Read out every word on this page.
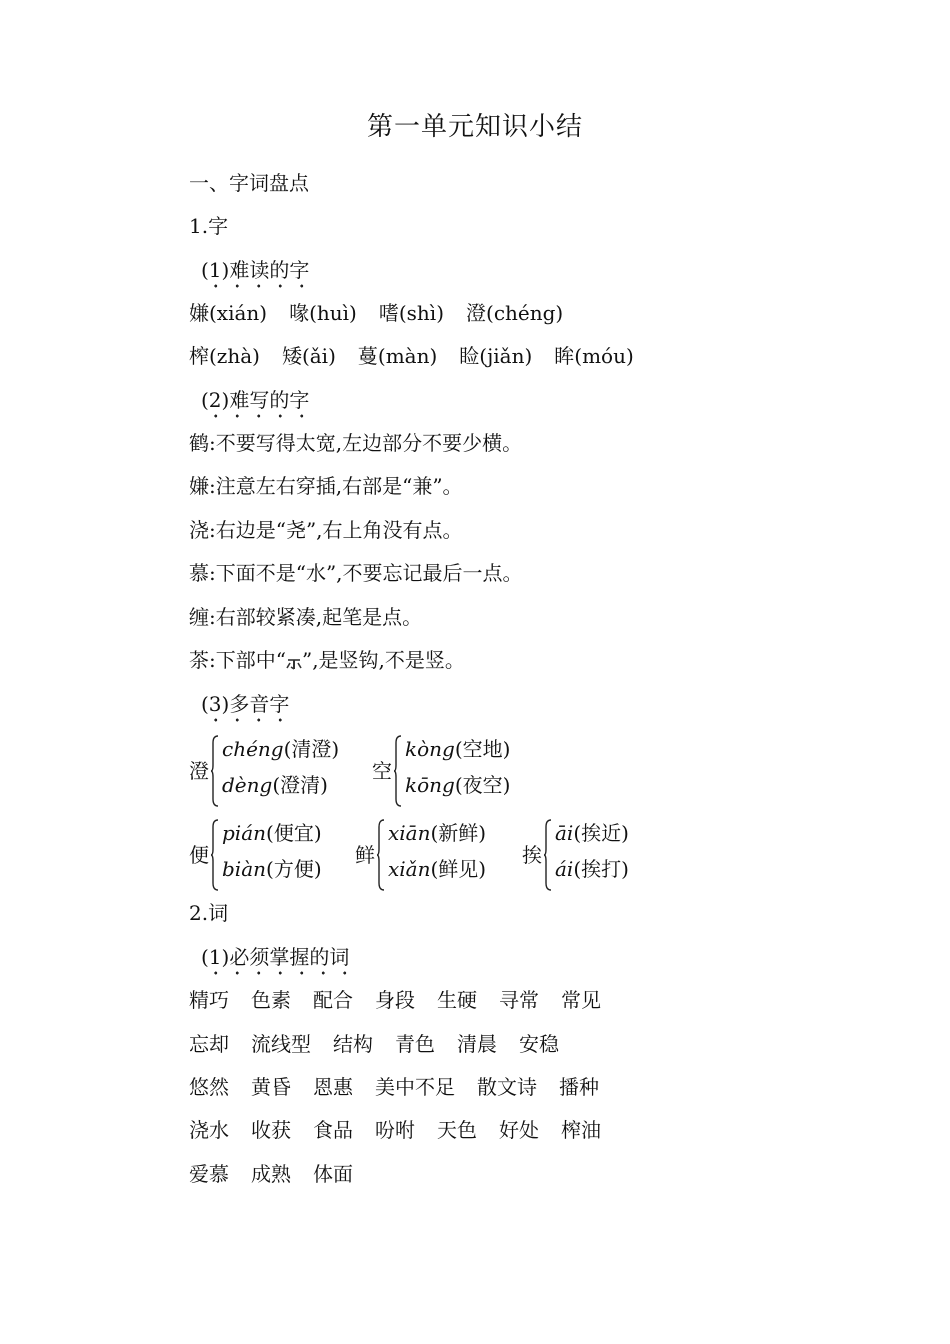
第一单元知识小结
一、字词盘点
1.字
(1)难读的字
嫌(xián) 喙(huì) 嗜(shì) 澄(chéng)
榨(zhà) 矮(ǎi) 蔓(màn) 睑(jiǎn) 眸(móu)
(2)难写的字
鹤:不要写得太宽,左边部分不要少横。
嫌:注意左右穿插,右部是“兼”。
浇:右边是“尧”,右上角没有点。
慕:下面不是“水”,不要忘记最后一点。
缠:右部较紧凑,起笔是点。
茶:下部中“ ”,是竖钩,不是竖。
(3)多音字
澄
chéng(清澄)
dèng(澄清)
空
kòng(空地)
kōng(夜空)
便
pián(便宜)
biàn(方便)
鲜
xiān(新鲜)
xiǎn(鲜见)
挨
āi(挨近)
ái(挨打)
2.词
(1)必须掌握的词
精巧 色素 配合 身段 生硬 寻常 常见
忘却 流线型 结构 青色 清晨 安稳
悠然 黄昏 恩惠 美中不足 散文诗 播种
浇水 收获 食品 吩咐 天色 好处 榨油
爱慕 成熟 体面
